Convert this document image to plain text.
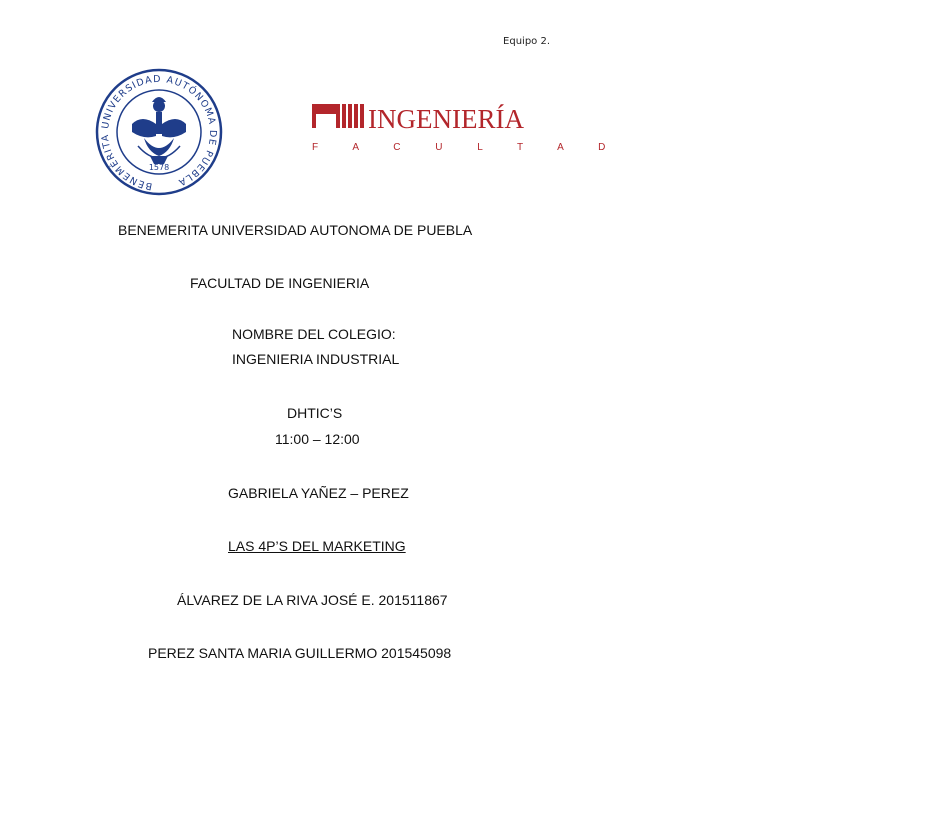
Equipo 2.
BENEMÉRITA UNIVERSIDAD AUTÓNOMA DE PUEBLA
1578
INGENIERÍA
F A C U L T A D
BENEMERITA UNIVERSIDAD AUTONOMA DE PUEBLA
FACULTAD DE INGENIERIA
NOMBRE DEL COLEGIO:
INGENIERIA INDUSTRIAL
DHTIC’S
11:00 – 12:00
GABRIELA YAÑEZ – PEREZ
LAS 4P’S DEL MARKETING
ÁLVAREZ DE LA RIVA JOSÉ E. 201511867
PEREZ SANTA MARIA GUILLERMO 201545098
